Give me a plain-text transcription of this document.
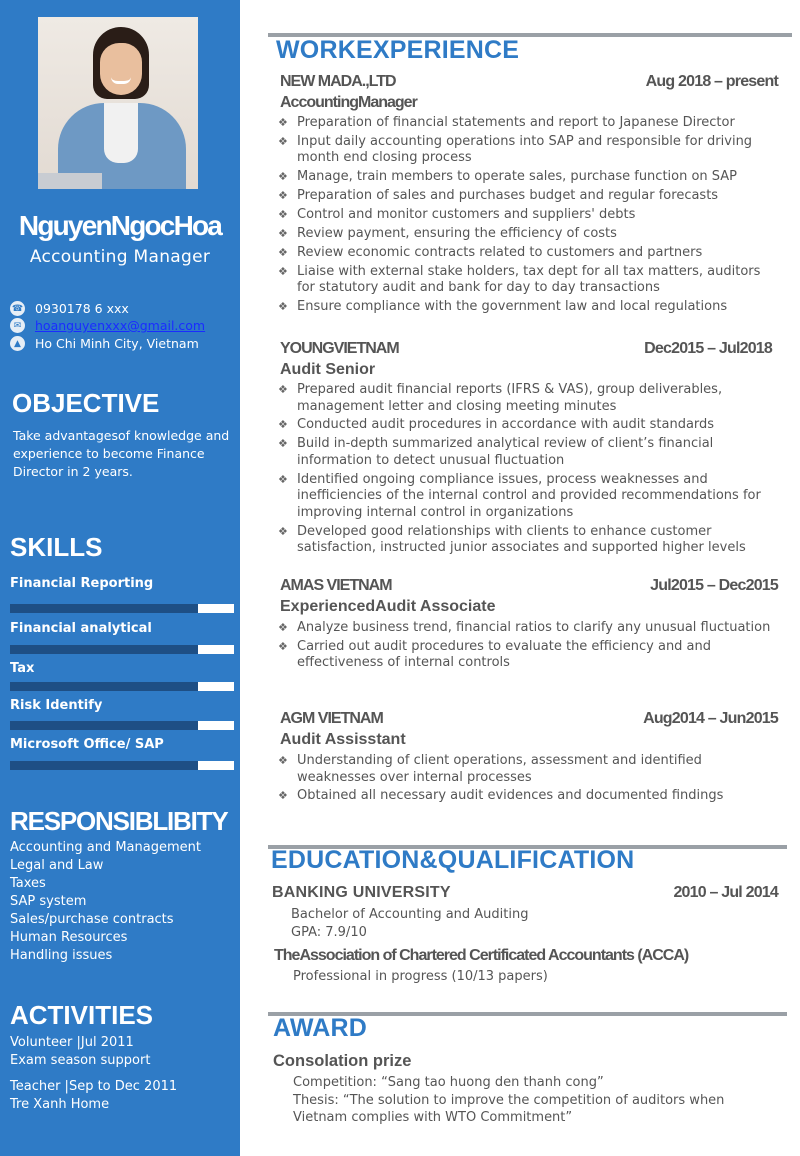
NguyenNgocHoa
Accounting Manager
☎ 0930178 6 xxx
✉ hoanguyenxxx@gmail.com
▲	Ho Chi Minh City, Vietnam
OBJECTIVE
Take advantagesof knowledge and experience to become Finance Director in 2 years.
SKILLS
Financial Reporting
Financial analytical
Tax
Risk Identify
Microsoft Office/ SAP
RESPONSIBLIBITY
Accounting and Management
Legal and Law
Taxes
SAP system
Sales/purchase contracts
Human Resources
Handling issues
ACTIVITIES
Volunteer |Jul 2011
Exam season support
Teacher |Sep to Dec 2011
Tre Xanh Home
WORKEXPERIENCE
NEW MADA.,LTD	Aug 2018 – present
AccountingManager
❖ Preparation of financial statements and report to Japanese Director
❖ Input daily accounting operations into SAP and responsible for driving month end closing process
❖ Manage, train members to operate sales, purchase function on SAP
❖ Preparation of sales and purchases budget and regular forecasts
❖ Control and monitor customers and suppliers' debts
❖ Review payment, ensuring the efficiency of costs
❖ Review economic contracts related to customers and partners
❖ Liaise with external stake holders, tax dept for all tax matters, auditors for statutory audit and bank for day to day transactions
❖ Ensure compliance with the government law and local regulations
YOUNGVIETNAM	Dec2015 – Jul2018
Audit Senior
❖ Prepared audit financial reports (IFRS & VAS), group deliverables, management letter and closing meeting minutes
❖ Conducted audit procedures in accordance with audit standards
❖ Build in-depth summarized analytical review of client’s financial information to detect unusual fluctuation
❖ Identified ongoing compliance issues, process weaknesses and inefficiencies of the internal control and provided recommendations for improving internal control in organizations
❖ Developed good relationships with clients to enhance customer satisfaction, instructed junior associates and supported higher levels
AMAS VIETNAM	Jul2015 – Dec2015
ExperiencedAudit Associate
❖ Analyze business trend, financial ratios to clarify any unusual fluctuation
❖ Carried out audit procedures to evaluate the efficiency and and effectiveness of internal controls
AGM VIETNAM	Aug2014 – Jun2015
Audit Assisstant
❖ Understanding of client operations, assessment and identified weaknesses over internal processes
❖ Obtained all necessary audit evidences and documented findings
EDUCATION&QUALIFICATION
BANKING UNIVERSITY	2010 – Jul 2014
Bachelor of Accounting and Auditing
GPA: 7.9/10
TheAssociation of Chartered Certificated Accountants (ACCA)
Professional in progress (10/13 papers)
AWARD
Consolation prize
Competition: “Sang tao huong den thanh cong”
Thesis: “The solution to improve the competition of auditors when Vietnam complies with WTO Commitment”
